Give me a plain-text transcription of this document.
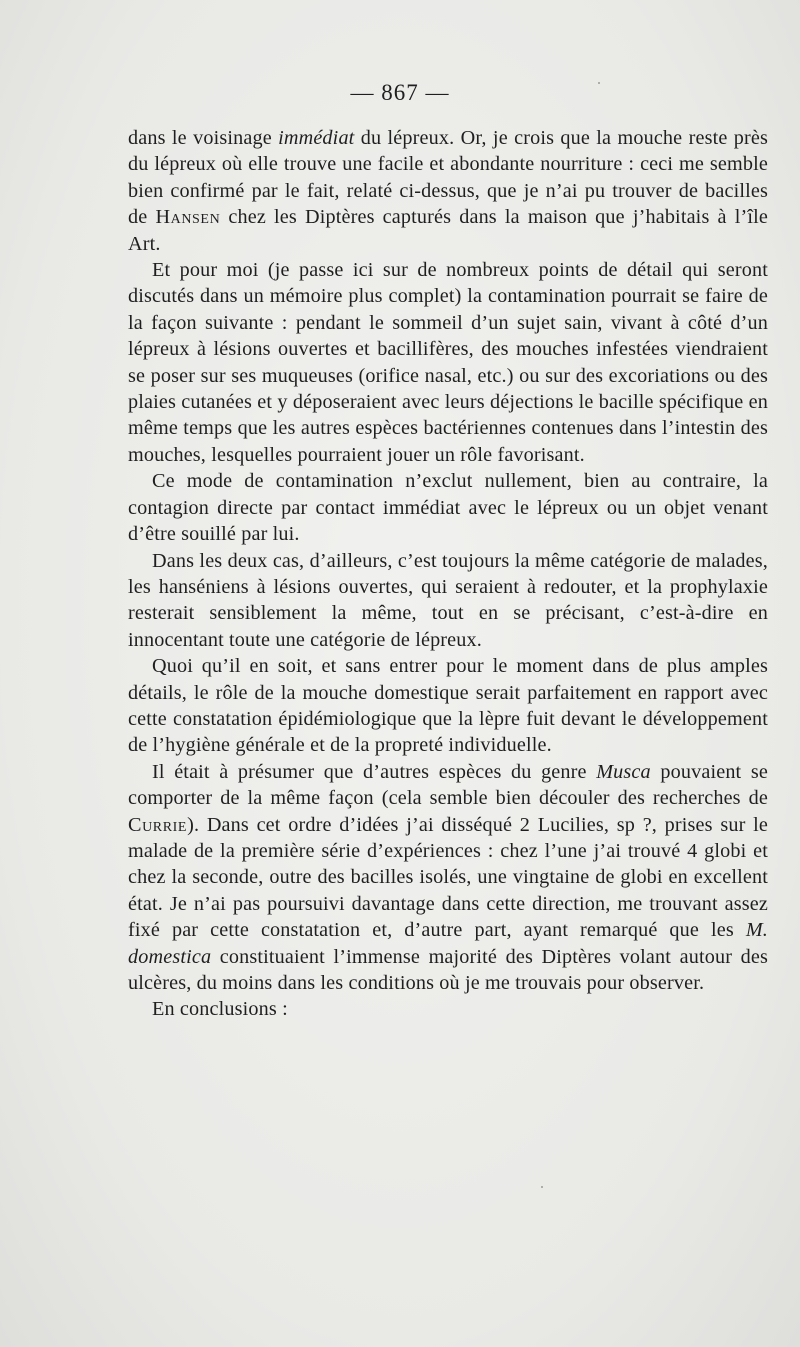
— 867 —

dans le voisinage immédiat du lépreux. Or, je crois que la mouche reste près du lépreux où elle trouve une facile et abondante nourriture : ceci me semble bien confirmé par le fait, relaté ci-dessus, que je n’ai pu trouver de bacilles de Hansen chez les Diptères capturés dans la maison que j’habitais à l’île Art.

Et pour moi (je passe ici sur de nombreux points de détail qui seront discutés dans un mémoire plus complet) la contamination pourrait se faire de la façon suivante : pendant le sommeil d’un sujet sain, vivant à côté d’un lépreux à lésions ouvertes et bacillifères, des mouches infestées viendraient se poser sur ses muqueuses (orifice nasal, etc.) ou sur des excoriations ou des plaies cutanées et y déposeraient avec leurs déjections le bacille spécifique en même temps que les autres espèces bactériennes contenues dans l’intestin des mouches, lesquelles pourraient jouer un rôle favorisant.

Ce mode de contamination n’exclut nullement, bien au contraire, la contagion directe par contact immédiat avec le lépreux ou un objet venant d’être souillé par lui.

Dans les deux cas, d’ailleurs, c’est toujours la même catégorie de malades, les hanséniens à lésions ouvertes, qui seraient à redouter, et la prophylaxie resterait sensiblement la même, tout en se précisant, c’est-à-dire en innocentant toute une catégorie de lépreux.

Quoi qu’il en soit, et sans entrer pour le moment dans de plus amples détails, le rôle de la mouche domestique serait parfaitement en rapport avec cette constatation épidémiologique que la lèpre fuit devant le développement de l’hygiène générale et de la propreté individuelle.

Il était à présumer que d’autres espèces du genre Musca pouvaient se comporter de la même façon (cela semble bien découler des recherches de Currie). Dans cet ordre d’idées j’ai disséqué 2 Lucilies, sp ?, prises sur le malade de la première série d’expériences : chez l’une j’ai trouvé 4 globi et chez la seconde, outre des bacilles isolés, une vingtaine de globi en excellent état. Je n’ai pas poursuivi davantage dans cette direction, me trouvant assez fixé par cette constatation et, d’autre part, ayant remarqué que les M. domestica constituaient l’immense majorité des Diptères volant autour des ulcères, du moins dans les conditions où je me trouvais pour observer.

En conclusions :
